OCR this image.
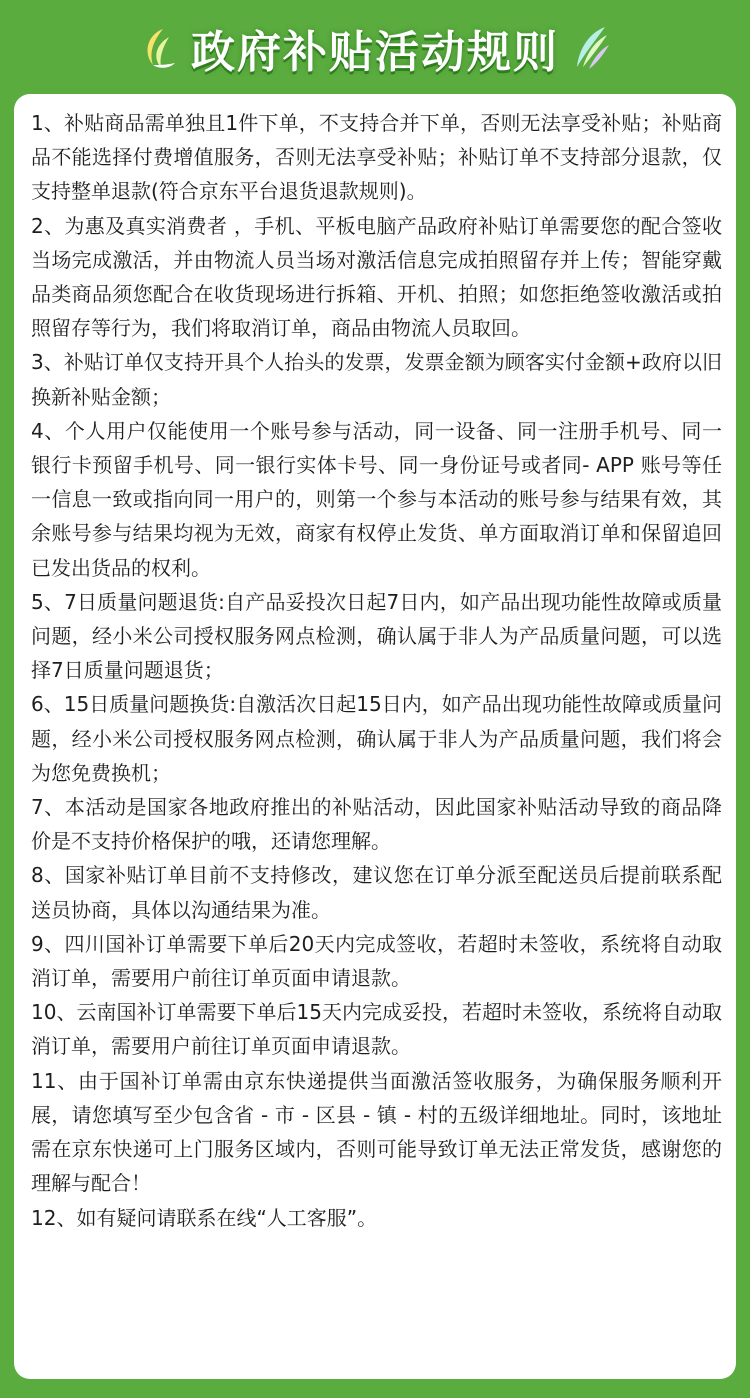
政府补贴活动规则

1、补贴商品需单独且1件下单，不支持合并下单，否则无法享受补贴；补贴商品不能选择付费增值服务，否则无法享受补贴；补贴订单不支持部分退款，仅支持整单退款(符合京东平台退货退款规则)。

2、为惠及真实消费者 ，手机、平板电脑产品政府补贴订单需要您的配合签收当场完成激活，并由物流人员当场对激活信息完成拍照留存并上传；智能穿戴品类商品须您配合在收货现场进行拆箱、开机、拍照；如您拒绝签收激活或拍照留存等行为，我们将取消订单，商品由物流人员取回。

3、补贴订单仅支持开具个人抬头的发票，发票金额为顾客实付金额+政府以旧换新补贴金额；

4、个人用户仅能使用一个账号参与活动，同一设备、同一注册手机号、同一银行卡预留手机号、同一银行实体卡号、同一身份证号或者同- APP 账号等任一信息一致或指向同一用户的，则第一个参与本活动的账号参与结果有效，其余账号参与结果均视为无效，商家有权停止发货、单方面取消订单和保留追回已发出货品的权利。

5、7日质量问题退货:自产品妥投次日起7日内，如产品出现功能性故障或质量问题，经小米公司授权服务网点检测，确认属于非人为产品质量问题，可以选择7日质量问题退货；

6、15日质量问题换货:自激活次日起15日内，如产品出现功能性故障或质量问题，经小米公司授权服务网点检测，确认属于非人为产品质量问题，我们将会为您免费换机；

7、本活动是国家各地政府推出的补贴活动，因此国家补贴活动导致的商品降价是不支持价格保护的哦，还请您理解。

8、国家补贴订单目前不支持修改，建议您在订单分派至配送员后提前联系配送员协商，具体以沟通结果为准。

9、四川国补订单需要下单后20天内完成签收，若超时未签收，系统将自动取消订单，需要用户前往订单页面申请退款。

10、云南国补订单需要下单后15天内完成妥投，若超时未签收，系统将自动取消订单，需要用户前往订单页面申请退款。

11、由于国补订单需由京东快递提供当面激活签收服务，为确保服务顺利开展，请您填写至少包含省 - 市 - 区县 - 镇 - 村的五级详细地址。同时，该地址需在京东快递可上门服务区域内，否则可能导致订单无法正常发货，感谢您的理解与配合！

12、如有疑问请联系在线“人工客服”。
